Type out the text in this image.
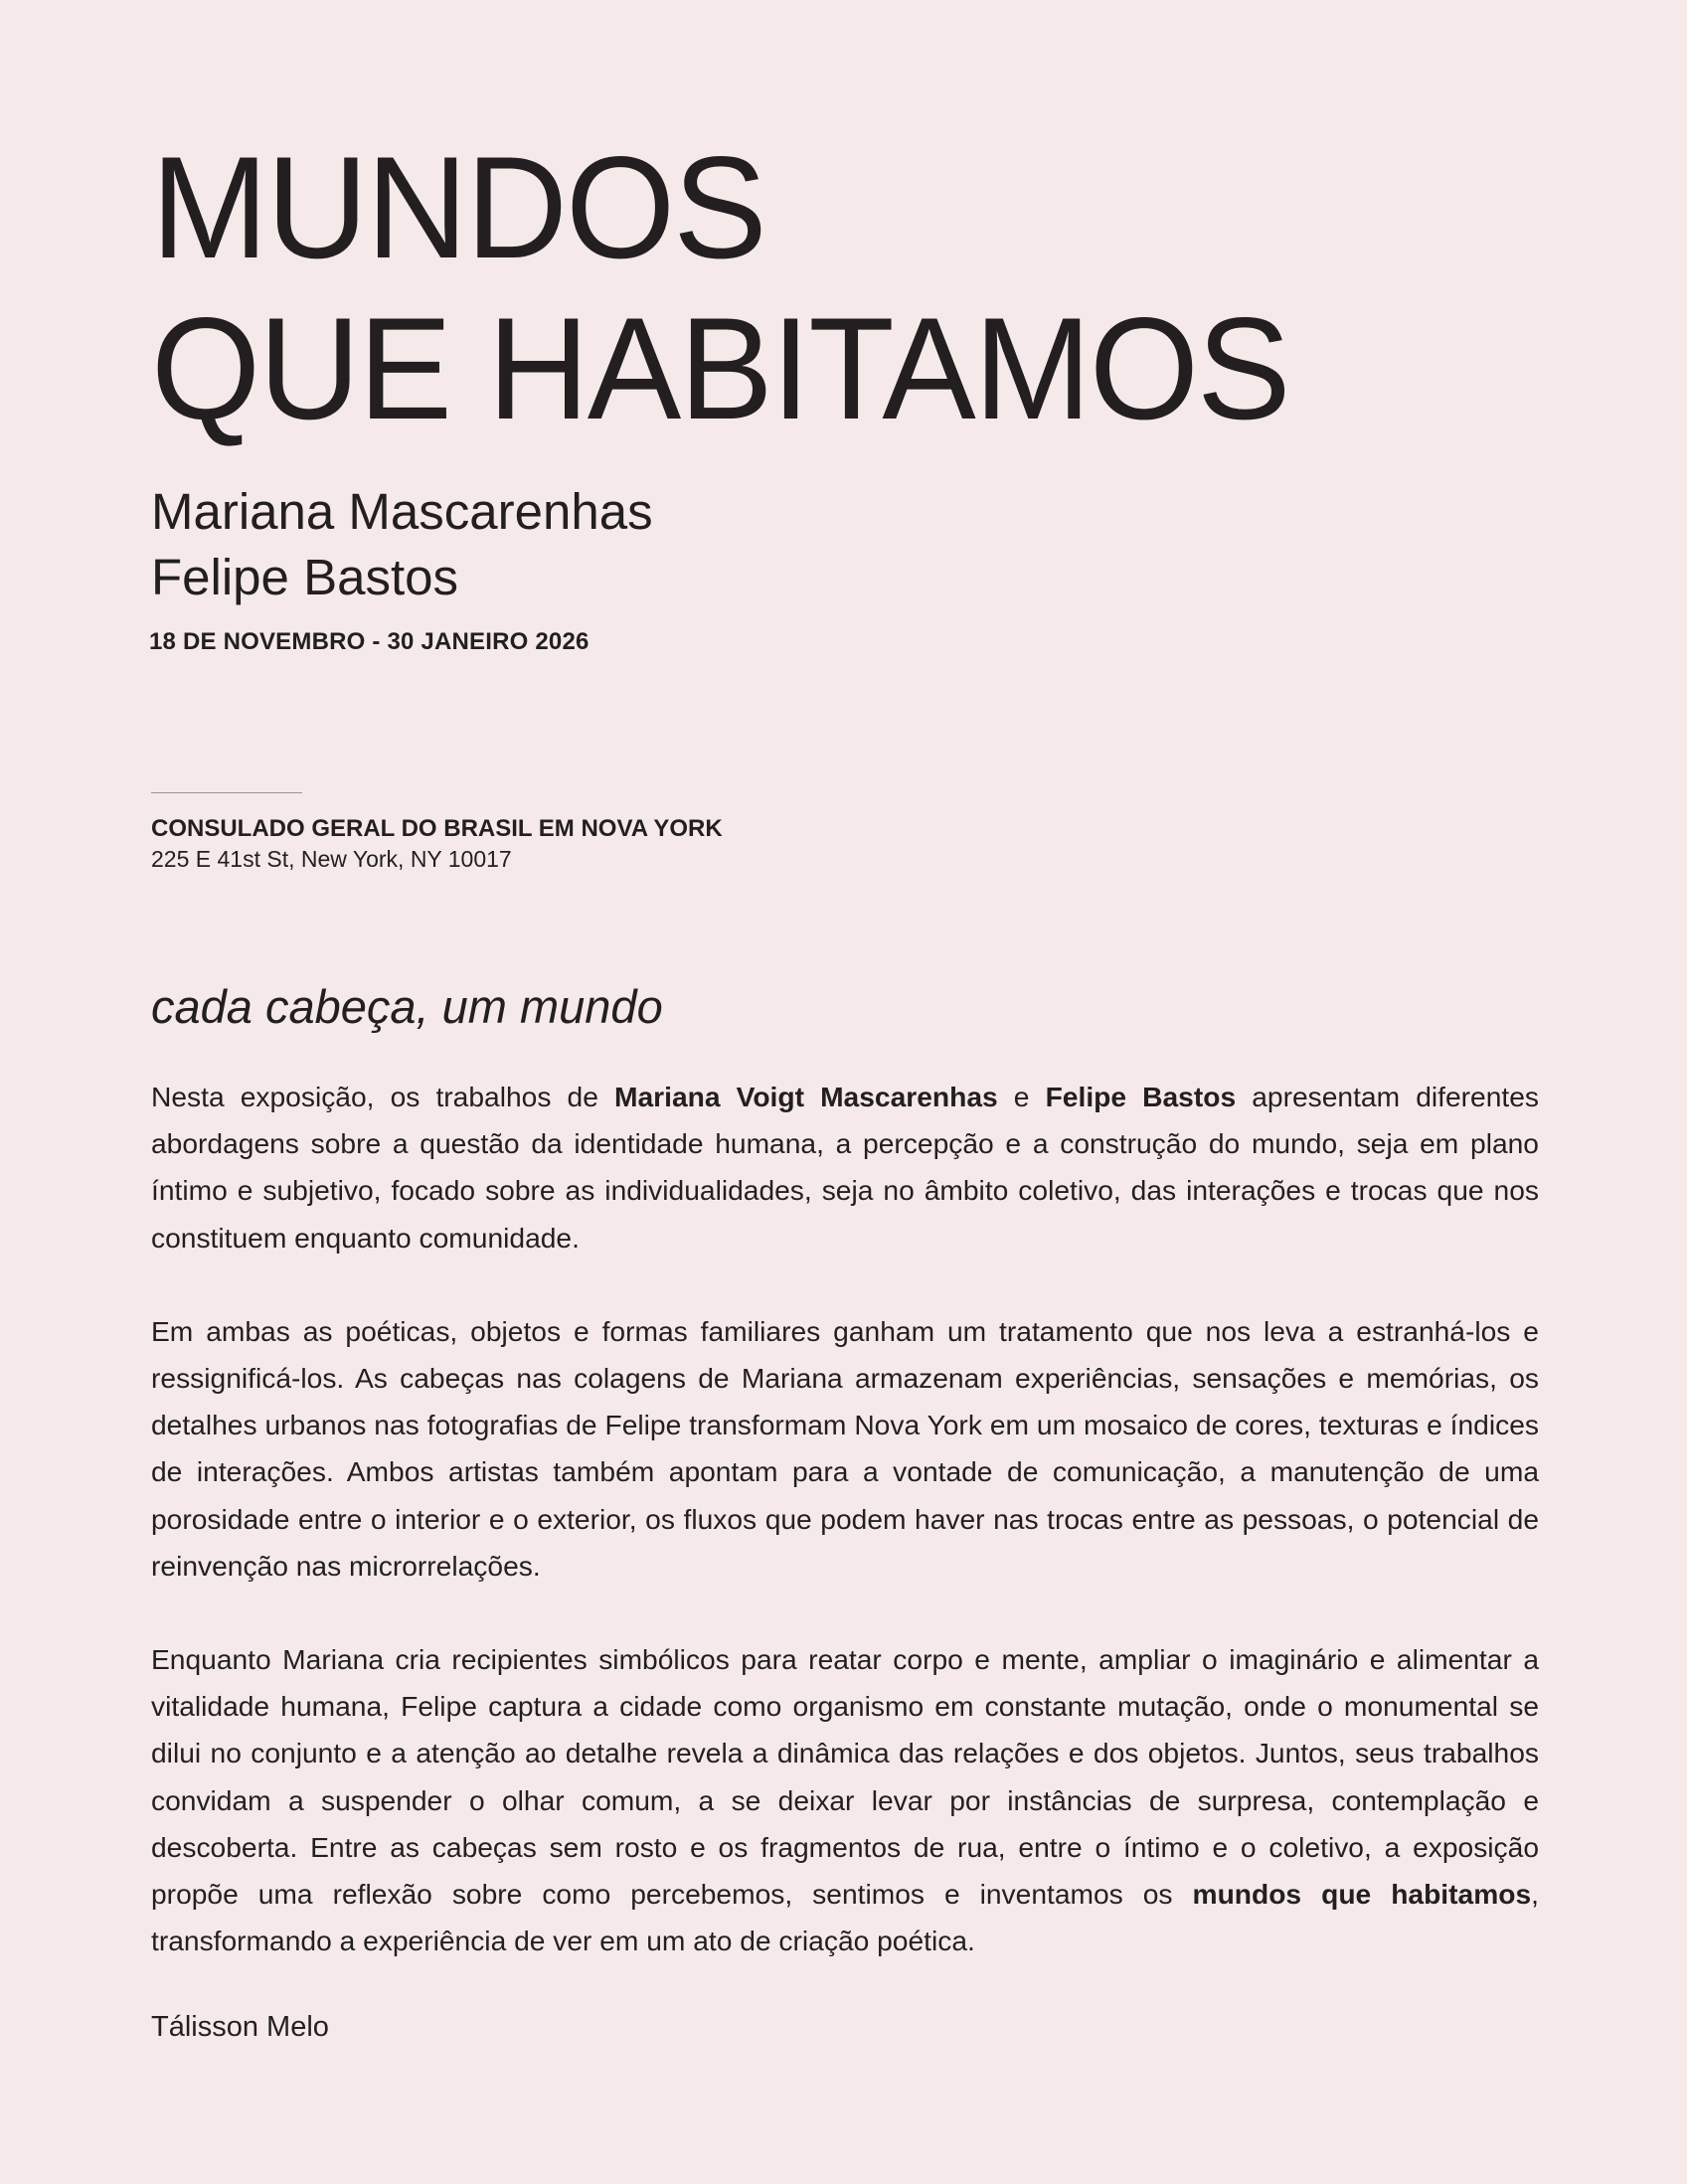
MUNDOS
QUE HABITAMOS
Mariana Mascarenhas
Felipe Bastos
18 DE NOVEMBRO - 30 JANEIRO 2026
CONSULADO GERAL DO BRASIL EM NOVA YORK
225 E 41st St, New York, NY 10017
cada cabeça, um mundo

Nesta exposição, os trabalhos de Mariana Voigt Mascarenhas e Felipe Bastos apresentam diferentes abordagens sobre a questão da identidade humana, a percepção e a construção do mundo, seja em plano íntimo e subjetivo, focado sobre as individualidades, seja no âmbito coletivo, das interações e trocas que nos constituem enquanto comunidade.

Em ambas as poéticas, objetos e formas familiares ganham um tratamento que nos leva a estranhá-los e ressignificá-los. As cabeças nas colagens de Mariana armazenam experiências, sensações e memórias, os detalhes urbanos nas fotografias de Felipe transformam Nova York em um mosaico de cores, texturas e índices de interações. Ambos artistas também apontam para a vontade de comunicação, a manutenção de uma porosidade entre o interior e o exterior, os fluxos que podem haver nas trocas entre as pessoas, o potencial de reinvenção nas microrrelações.

Enquanto Mariana cria recipientes simbólicos para reatar corpo e mente, ampliar o imaginário e alimentar a vitalidade humana, Felipe captura a cidade como organismo em constante mutação, onde o monumental se dilui no conjunto e a atenção ao detalhe revela a dinâmica das relações e dos objetos. Juntos, seus trabalhos convidam a suspender o olhar comum, a se deixar levar por instâncias de surpresa, contemplação e descoberta. Entre as cabeças sem rosto e os fragmentos de rua, entre o íntimo e o coletivo, a exposição propõe uma reflexão sobre como percebemos, sentimos e inventamos os mundos que habitamos, transformando a experiência de ver em um ato de criação poética.

Tálisson Melo
